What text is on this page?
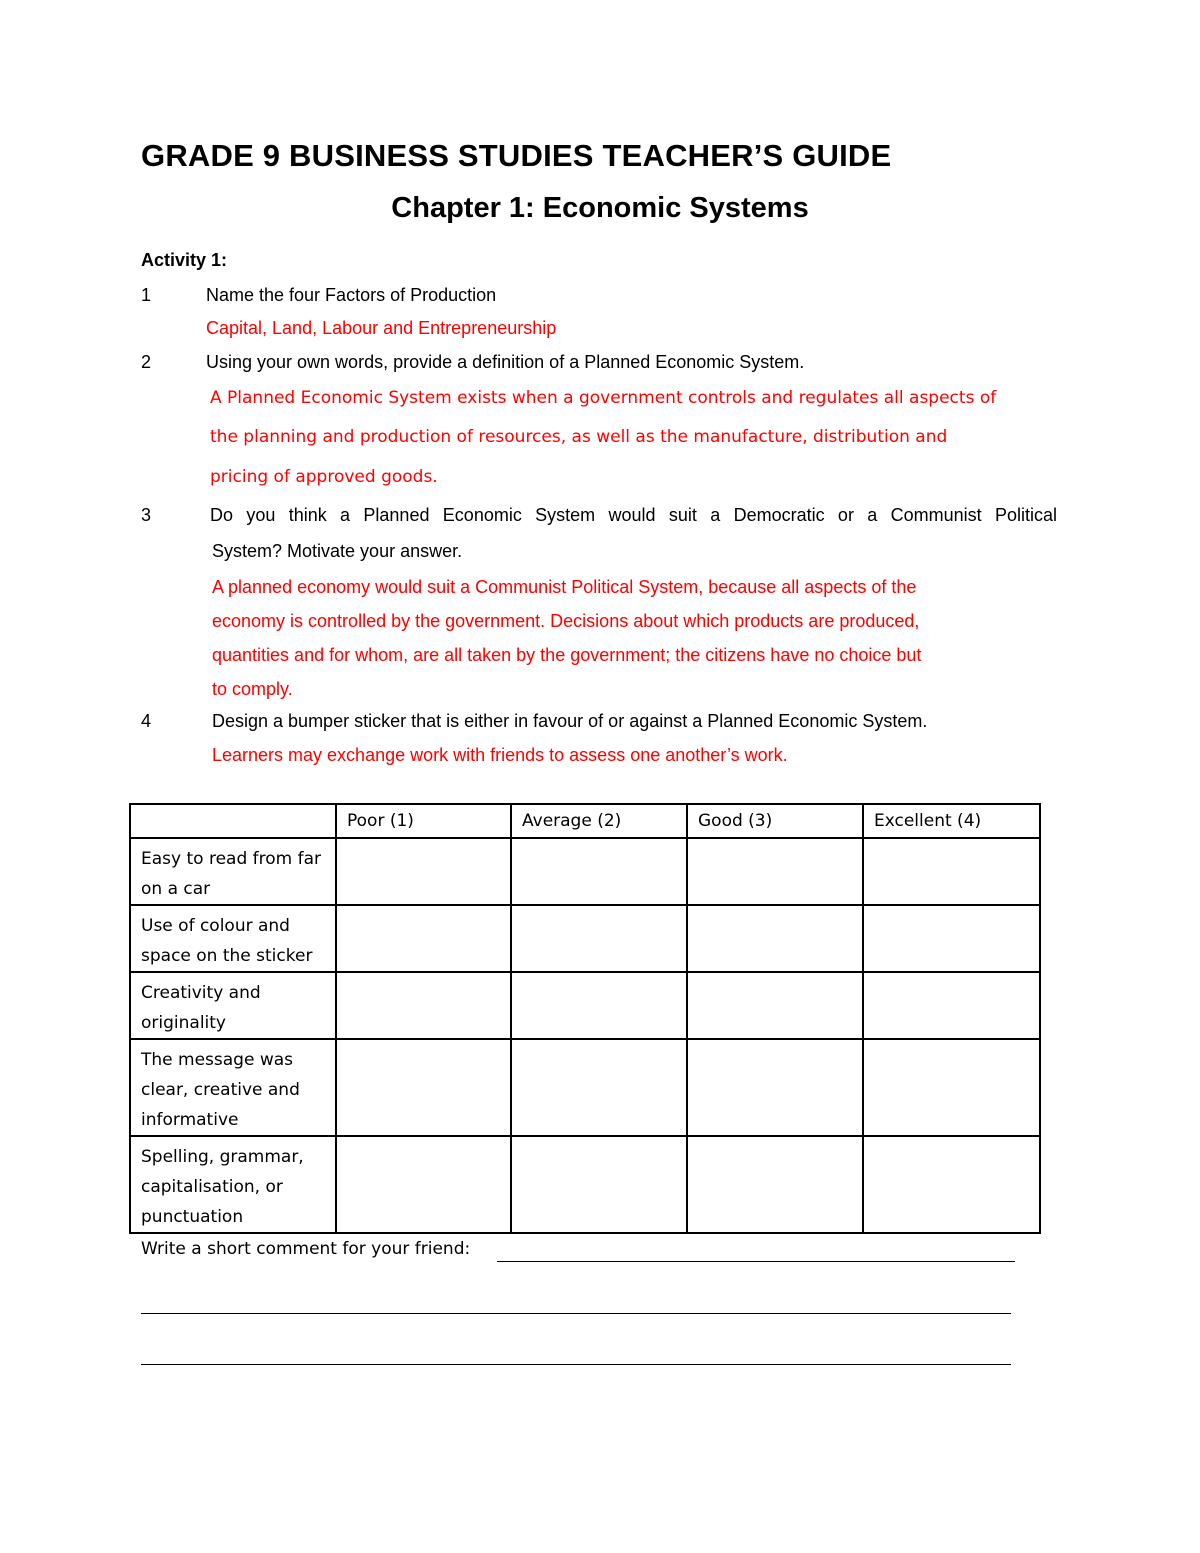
GRADE 9 BUSINESS STUDIES TEACHER’S GUIDE
Chapter 1: Economic Systems
Activity 1:
1	Name the four Factors of Production
Capital, Land, Labour and Entrepreneurship
2	Using your own words, provide a definition of a Planned Economic System.
A Planned Economic System exists when a government controls and regulates all aspects of
the planning and production of resources, as well as the manufacture, distribution and
pricing of approved goods.
3	Do you think a Planned Economic System would suit a Democratic or a Communist Political
System? Motivate your answer.
A planned economy would suit a Communist Political System, because all aspects of the
economy is controlled by the government. Decisions about which products are produced,
quantities and for whom, are all taken by the government; the citizens have no choice but
to comply.
4	Design a bumper sticker that is either in favour of or against a Planned Economic System.
Learners may exchange work with friends to assess one another’s work.
	Poor (1)	Average (2)	Good (3)	Excellent (4)

Easy to read from far
on a car				

Use of colour and
space on the sticker				

Creativity and
originality				

The message was
clear, creative and
informative				

Spelling, grammar,
capitalisation, or
punctuation				

Write a short comment for your friend:
